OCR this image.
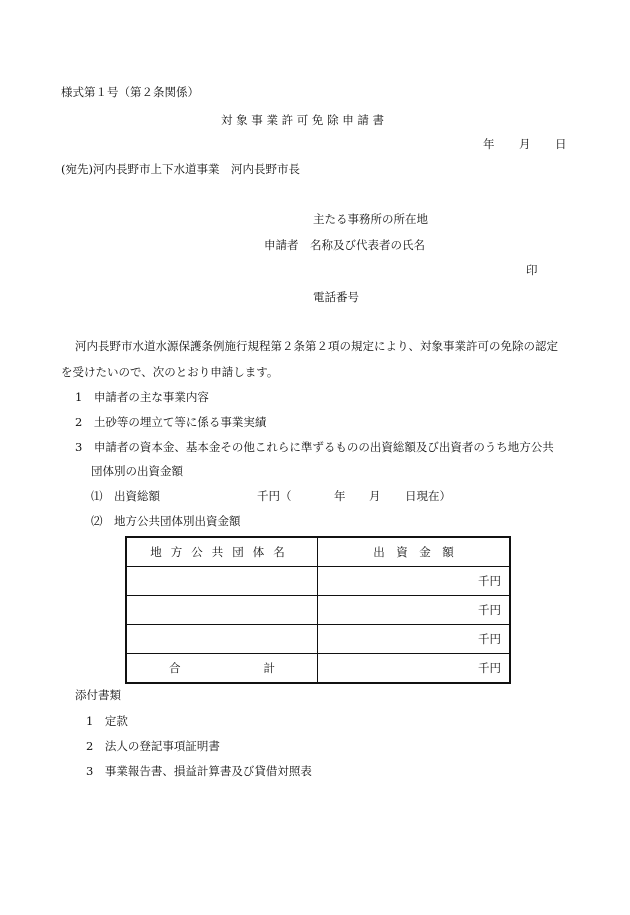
様式第１号（第２条関係）
対 象 事 業 許 可 免 除 申 請 書
年 月 日
(宛先)河内長野市上下水道事業　河内長野市長
主たる事務所の所在地
申請者　名称及び代表者の氏名
印
電話番号
河内長野市水道水源保護条例施行規程第２条第２項の規定により、対象事業許可の免除の認定
を受けたいので、次のとおり申請します。
1　申請者の主な事業内容
2　土砂等の埋立て等に係る事業実績
3　申請者の資本金、基本金その他これらに準ずるものの出資総額及び出資者のうち地方公共
団体別の出資金額
⑴　出資総額	千円（	年 月 日現在）
⑵　地方公共団体別出資金額
地方公共団体名	出　資　金　額
	千円
	千円
	千円

合 計	千円
添付書類
1　定款
2　法人の登記事項証明書
3　事業報告書、損益計算書及び貸借対照表
